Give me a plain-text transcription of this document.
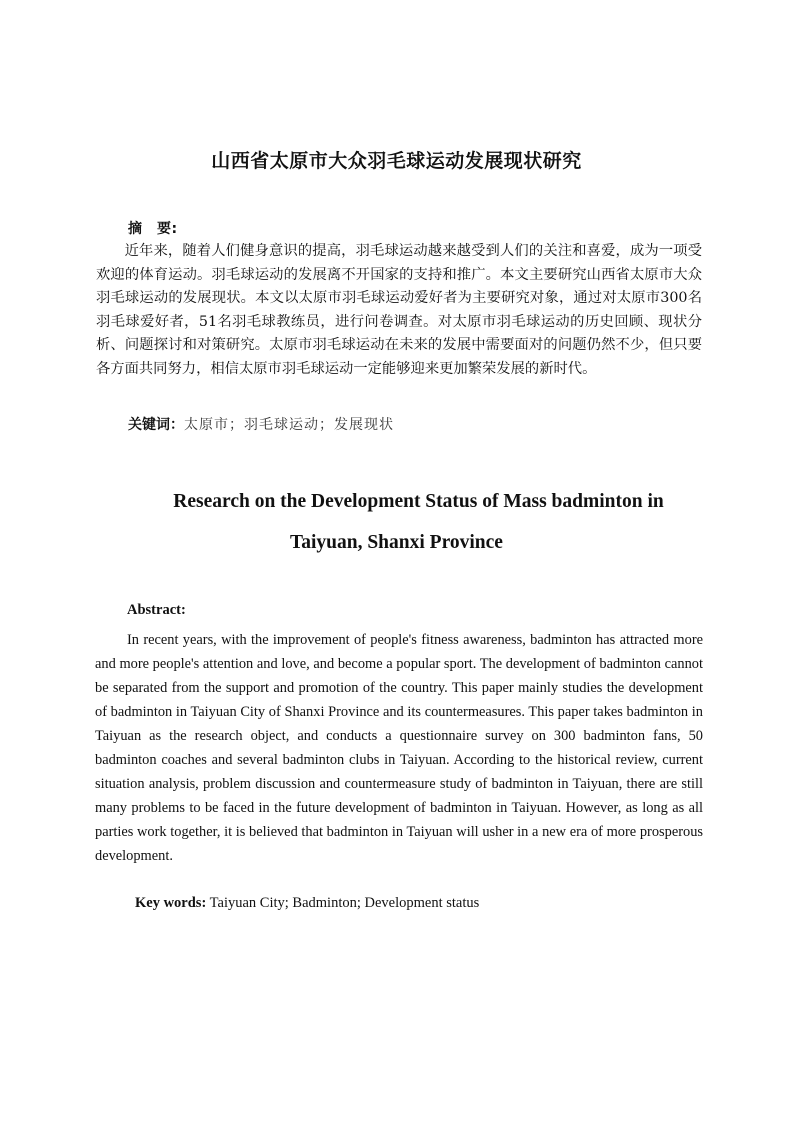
山西省太原市大众羽毛球运动发展现状研究
摘　要:

近年来，随着人们健身意识的提高，羽毛球运动越来越受到人们的关注和喜爱，成为一项受欢迎的体育运动。羽毛球运动的发展离不开国家的支持和推广。本文主要研究山西省太原市大众羽毛球运动的发展现状。本文以太原市羽毛球运动爱好者为主要研究对象，通过对太原市300名羽毛球爱好者，51名羽毛球教练员，进行问卷调查。对太原市羽毛球运动的历史回顾、现状分析、问题探讨和对策研究。太原市羽毛球运动在未来的发展中需要面对的问题仍然不少，但只要各方面共同努力，相信太原市羽毛球运动一定能够迎来更加繁荣发展的新时代。

关键词：太原市；羽毛球运动；发展现状
Research on the Development Status of Mass badminton in
Taiyuan, Shanxi Province
Abstract:

In recent years, with the improvement of people's fitness awareness, badminton has attracted more and more people's attention and love, and become a popular sport. The development of badminton cannot be separated from the support and promotion of the country. This paper mainly studies the development of badminton in Taiyuan City of Shanxi Province and its countermeasures. This paper takes badminton in Taiyuan as the research object, and conducts a questionnaire survey on 300 badminton fans, 50 badminton coaches and several badminton clubs in Taiyuan. According to the historical review, current situation analysis, problem discussion and countermeasure study of badminton in Taiyuan, there are still many problems to be faced in the future development of badminton in Taiyuan. However, as long as all parties work together, it is believed that badminton in Taiyuan will usher in a new era of more prosperous development.

Key words: Taiyuan City; Badminton; Development status
